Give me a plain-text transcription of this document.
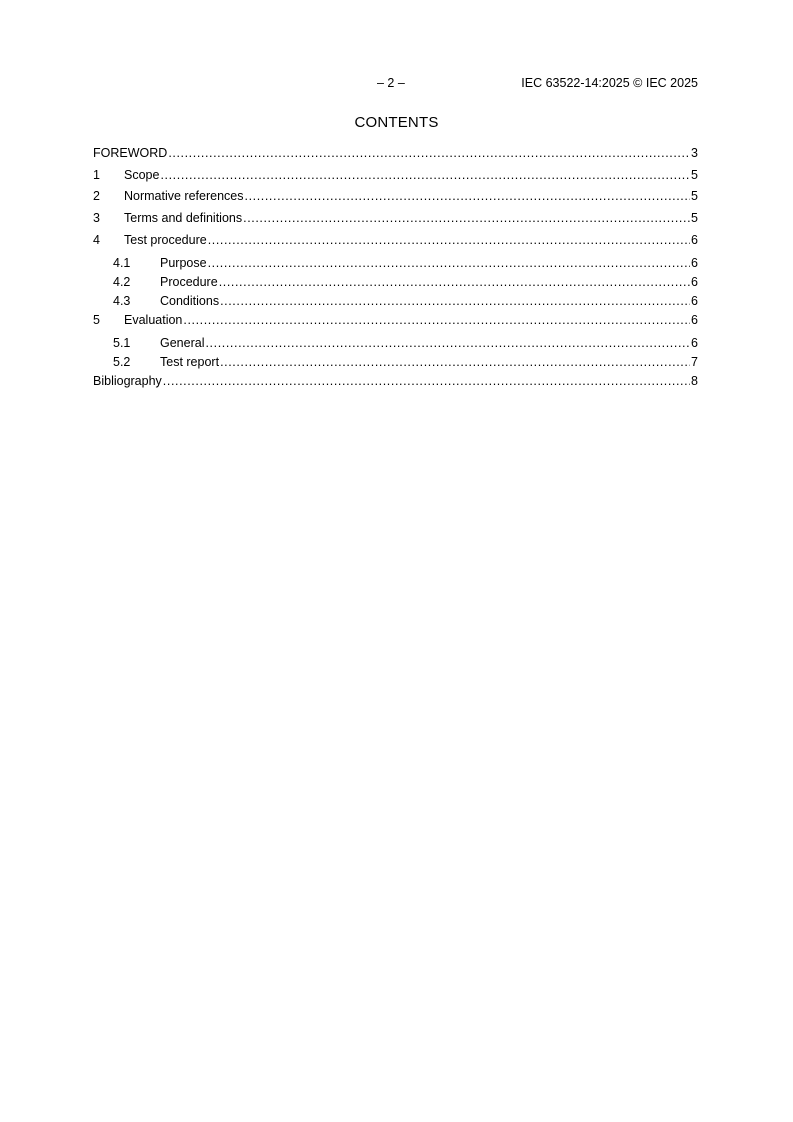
– 2 –	IEC 63522-14:2025 © IEC 2025
CONTENTS
FOREWORD .....	3
1	Scope .....	5
2	Normative references .....	5
3	Terms and definitions .....	5
4	Test procedure .....	6
4.1	Purpose .....	6
4.2	Procedure .....	6
4.3	Conditions .....	6
5	Evaluation .....	6
5.1	General .....	6
5.2	Test report .....	7
Bibliography .....	8
